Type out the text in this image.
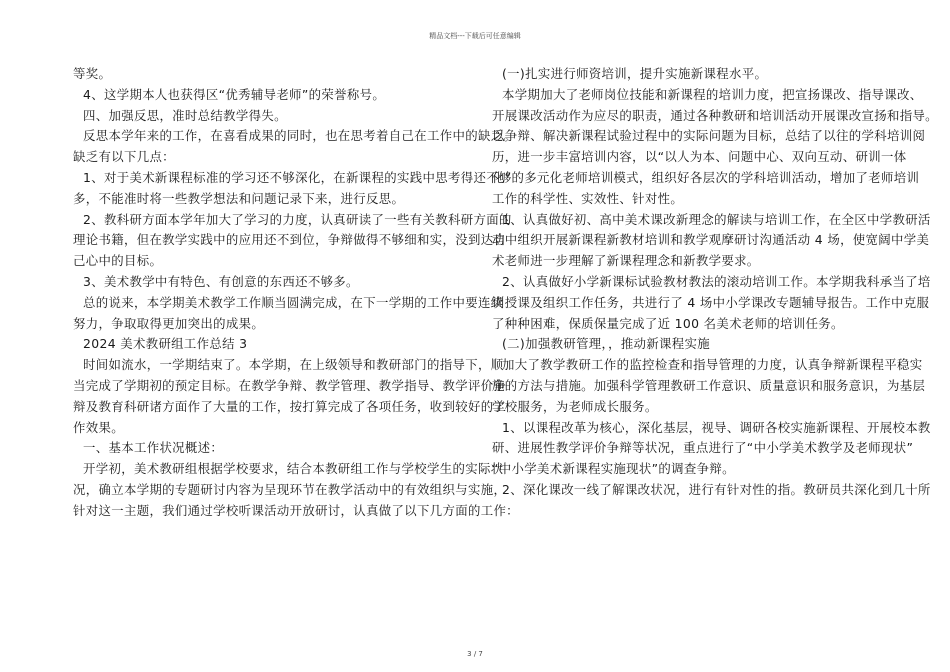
精品文档---下载后可任意编辑
等奖。
4、这学期本人也获得区“优秀辅导老师”的荣誉称号。
四、加强反思，准时总结教学得失。
反思本学年来的工作，在喜看成果的同时，也在思考着自己在工作中的缺乏。
缺乏有以下几点：
1、对于美术新课程标准的学习还不够深化，在新课程的实践中思考得还不够
多，不能准时将一些教学想法和问题记录下来，进行反思。
2、教科研方面本学年加大了学习的力度，认真研读了一些有关教科研方面的
理论书籍，但在教学实践中的应用还不到位，争辩做得不够细和实，没到达自
己心中的目标。
3、美术教学中有特色、有创意的东西还不够多。
总的说来，本学期美术教学工作顺当圆满完成，在下一学期的工作中要连续
努力，争取取得更加突出的成果。
2024 美术教研组工作总结 3
时间如流水，一学期结束了。本学期，在上级领导和教研部门的指导下，顺
当完成了学期初的预定目标。在教学争辩、教学管理、教学指导、教学评价争
辩及教育科研诸方面作了大量的工作，按打算完成了各项任务，收到较好的工
作效果。
一、基本工作状况概述：
开学初，美术教研组根据学校要求，结合本教研组工作与学校学生的实际状
况，确立本学期的专题研讨内容为呈现环节在教学活动中的有效组织与实施，
针对这一主题，我们通过学校听课活动开放研讨，认真做了以下几方面的工作：
(一)扎实进行师资培训，提升实施新课程水平。
本学期加大了老师岗位技能和新课程的培训力度，把宣扬课改、指导课改、
开展课改活动作为应尽的职责，通过各种教研和培训活动开展课改宣扬和指导。
以争辩、解决新课程试验过程中的实际问题为目标，总结了以往的学科培训阅
历，进一步丰富培训内容，以“以人为本、问题中心、双向互动、研训一体
化”的多元化老师培训模式，组织好各层次的学科培训活动，增加了老师培训
工作的科学性、实效性、针对性。
1、认真做好初、高中美术课改新理念的解读与培训工作，在全区中学教研活
动中组织开展新课程新教材培训和教学观摩研讨沟通活动 4 场，使宽阔中学美
术老师进一步理解了新课程理念和新教学要求。
2、认真做好小学新课标试验教材教法的滚动培训工作。本学期我科承当了培
训授课及组织工作任务，共进行了 4 场中小学课改专题辅导报告。工作中克服
了种种困难，保质保量完成了近 100 名美术老师的培训任务。
(二)加强教研管理，，推动新课程实施
加大了教学教研工作的监控检查和指导管理的力度，认真争辩新课程平稳实
施的方法与措施。加强科学管理教研工作意识、质量意识和服务意识，为基层
学校服务，为老师成长服务。
1、以课程改革为核心，深化基层，视导、调研各校实施新课程、开展校本教
研、进展性教学评价争辩等状况，重点进行了“中小学美术教学及老师现状”
“中小学美术新课程实施现状”的调查争辩。
2、深化课改一线了解课改状况，进行有针对性的指。教研员共深化到几十所
3 / 7
